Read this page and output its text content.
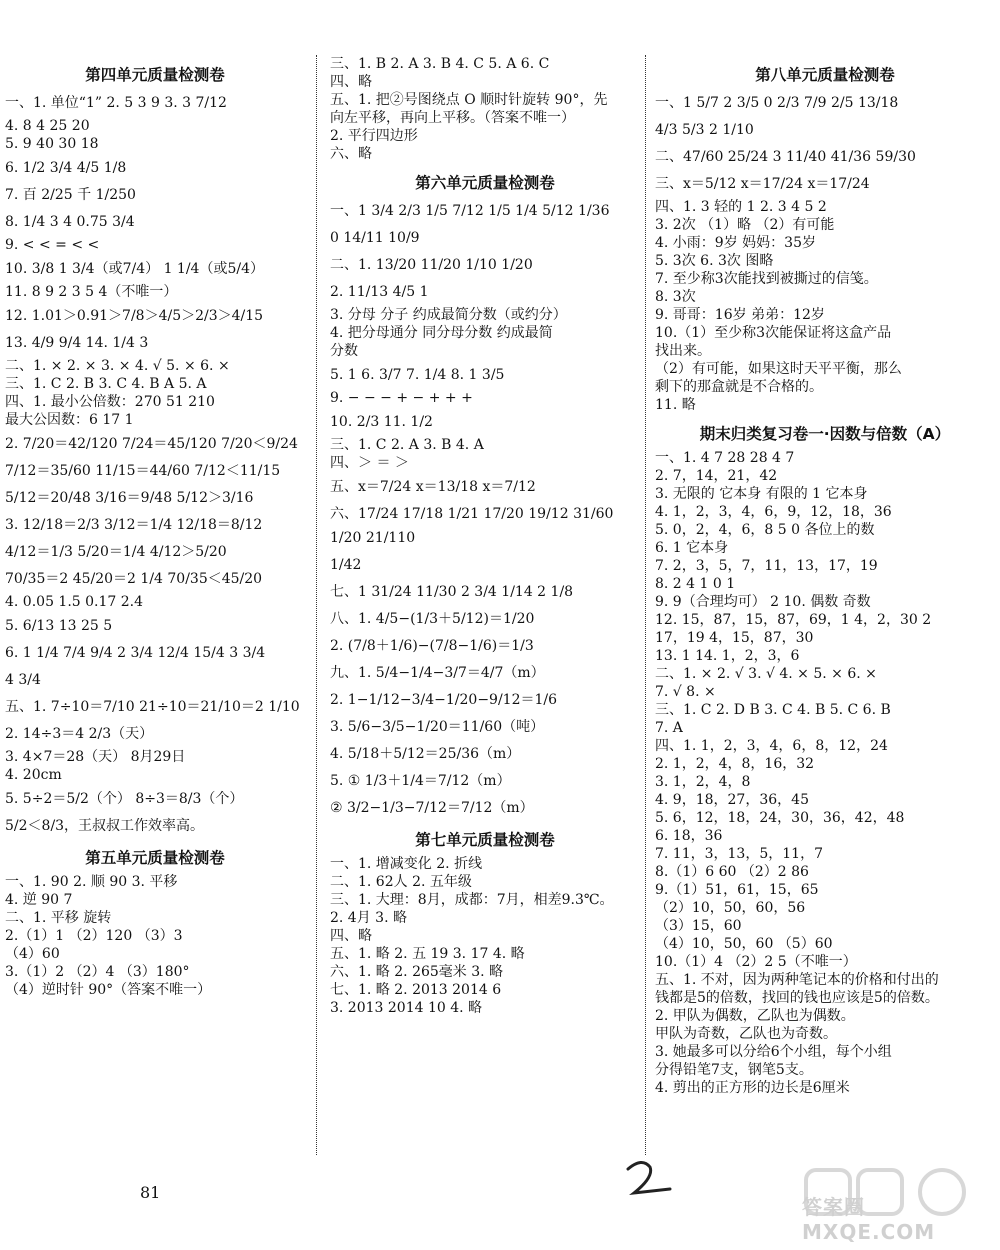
第四单元质量检测卷
一、1. 单位“1” 2. 5 3 9 3. 3 7/12
4. 8 4 25 20
5. 9 40 30 18
6. 1/2 3/4 4/5 1/8
7. 百 2/25 千 1/250
8. 1/4 3 4 0.75 3/4
9. < < = < <
10. 3/8 1 3/4（或7/4） 1 1/4（或5/4）
11. 8 9 2 3 5 4（不唯一）
12. 1.01＞0.91＞7/8＞4/5＞2/3＞4/15
13. 4/9 9/4 14. 1/4 3
二、1. × 2. × 3. × 4. √ 5. × 6. ×
三、1. C 2. B 3. C 4. B A 5. A
四、1. 最小公倍数：270 51 210
最大公因数：6 17 1
2. 7/20＝42/120 7/24＝45/120 7/20＜9/24
7/12＝35/60 11/15＝44/60 7/12＜11/15
5/12＝20/48 3/16＝9/48 5/12＞3/16
3. 12/18＝2/3 3/12＝1/4 12/18＝8/12
4/12＝1/3 5/20＝1/4 4/12＞5/20
70/35＝2 45/20＝2 1/4 70/35＜45/20
4. 0.05 1.5 0.17 2.4
5. 6/13 13 25 5
6. 1 1/4 7/4 9/4 2 3/4 12/4 15/4 3 3/4
4 3/4
五、1. 7÷10＝7/10 21÷10＝21/10＝2 1/10
2. 14÷3＝4 2/3（天）
3. 4×7＝28（天） 8月29日
4. 20cm
5. 5÷2＝5/2（个） 8÷3＝8/3（个）
5/2＜8/3，王叔叔工作效率高。
第五单元质量检测卷
一、1. 90 2. 顺 90 3. 平移
4. 逆 90 7
二、1. 平移 旋转
2.（1）1 （2）120 （3）3
（4）60
3.（1）2 （2）4 （3）180°
（4）逆时针 90°（答案不唯一）
三、1. B 2. A 3. B 4. C 5. A 6. C
四、略
五、1. 把②号图绕点 O 顺时针旋转 90°，先
向左平移，再向上平移。（答案不唯一）
2. 平行四边形
六、略
第六单元质量检测卷
一、1 3/4 2/3 1/5 7/12 1/5 1/4 5/12 1/36
0 14/11 10/9
二、1. 13/20 11/20 1/10 1/20
2. 11/13 4/5 1
3. 分母 分子 约成最简分数（或约分）
4. 把分母通分 同分母分数 约成最简
分数
5. 1 6. 3/7 7. 1/4 8. 1 3/5
9. − − − + − + + +
10. 2/3 11. 1/2
三、1. C 2. A 3. B 4. A
四、＞ ＝ ＞
五、x＝7/24 x＝13/18 x＝7/12
六、17/24 17/18 1/21 17/20 19/12 31/60 1/20 21/110
1/42
七、1 31/24 11/30 2 3/4 1/14 2 1/8
八、1. 4/5−(1/3＋5/12)＝1/20
2. (7/8＋1/6)−(7/8−1/6)＝1/3
九、1. 5/4−1/4−3/7＝4/7（m）
2. 1−1/12−3/4−1/20−9/12＝1/6
3. 5/6−3/5−1/20＝11/60（吨）
4. 5/18＋5/12＝25/36（m）
5. ① 1/3＋1/4＝7/12（m）
② 3/2−1/3−7/12＝7/12（m）
第七单元质量检测卷
一、1. 增减变化 2. 折线
二、1. 62人 2. 五年级
三、1. 大理：8月，成都：7月，相差9.3℃。
2. 4月 3. 略
四、略
五、1. 略 2. 五 19 3. 17 4. 略
六、1. 略 2. 265毫米 3. 略
七、1. 略 2. 2013 2014 6
3. 2013 2014 10 4. 略
第八单元质量检测卷
一、1 5/7 2 3/5 0 2/3 7/9 2/5 13/18
4/3 5/3 2 1/10
二、47/60 25/24 3 11/40 41/36 59/30
三、x＝5/12 x＝17/24 x＝17/24
四、1. 3 轻的 1 2. 3 4 5 2
3. 2次 （1）略 （2）有可能
4. 小雨：9岁 妈妈：35岁
5. 3次 6. 3次 图略
7. 至少称3次能找到被撕过的信笺。
8. 3次
9. 哥哥：16岁 弟弟：12岁
10.（1）至少称3次能保证将这盒产品
找出来。
（2）有可能，如果这时天平平衡，那么
剩下的那盒就是不合格的。
11. 略
期末归类复习卷一·因数与倍数（A）
一、1. 4 7 28 28 4 7
2. 7，14，21，42
3. 无限的 它本身 有限的 1 它本身
4. 1，2，3，4，6，9，12，18，36
5. 0，2，4，6，8 5 0 各位上的数
6. 1 它本身
7. 2，3，5，7，11，13，17，19
8. 2 4 1 0 1
9. 9（合理均可） 2 10. 偶数 奇数
12. 15，87，15，87，69，1 4，2，30 2
17，19 4，15，87，30
13. 1 14. 1，2，3，6
二、1. × 2. √ 3. √ 4. × 5. × 6. ×
7. √ 8. ×
三、1. C 2. D B 3. C 4. B 5. C 6. B
7. A
四、1. 1，2，3，4，6，8，12，24
2. 1，2，4，8，16，32
3. 1，2，4，8
4. 9，18，27，36，45
5. 6，12，18，24，30，36，42，48
6. 18，36
7. 11，3，13，5，11，7
8.（1）6 60 （2）2 86
9.（1）51，61，15，65
（2）10，50，60，56
（3）15，60
（4）10，50，60 （5）60
10.（1）4 （2）2 5（不唯一）
五、1. 不对，因为两种笔记本的价格和付出的
钱都是5的倍数，找回的钱也应该是5的倍数。
2. 甲队为偶数，乙队也为偶数。
甲队为奇数，乙队也为奇数。
3. 她最多可以分给6个小组，每个小组
分得铅笔7支，钢笔5支。
4. 剪出的正方形的边长是6厘米
81
答案圈 MXQE.COM
